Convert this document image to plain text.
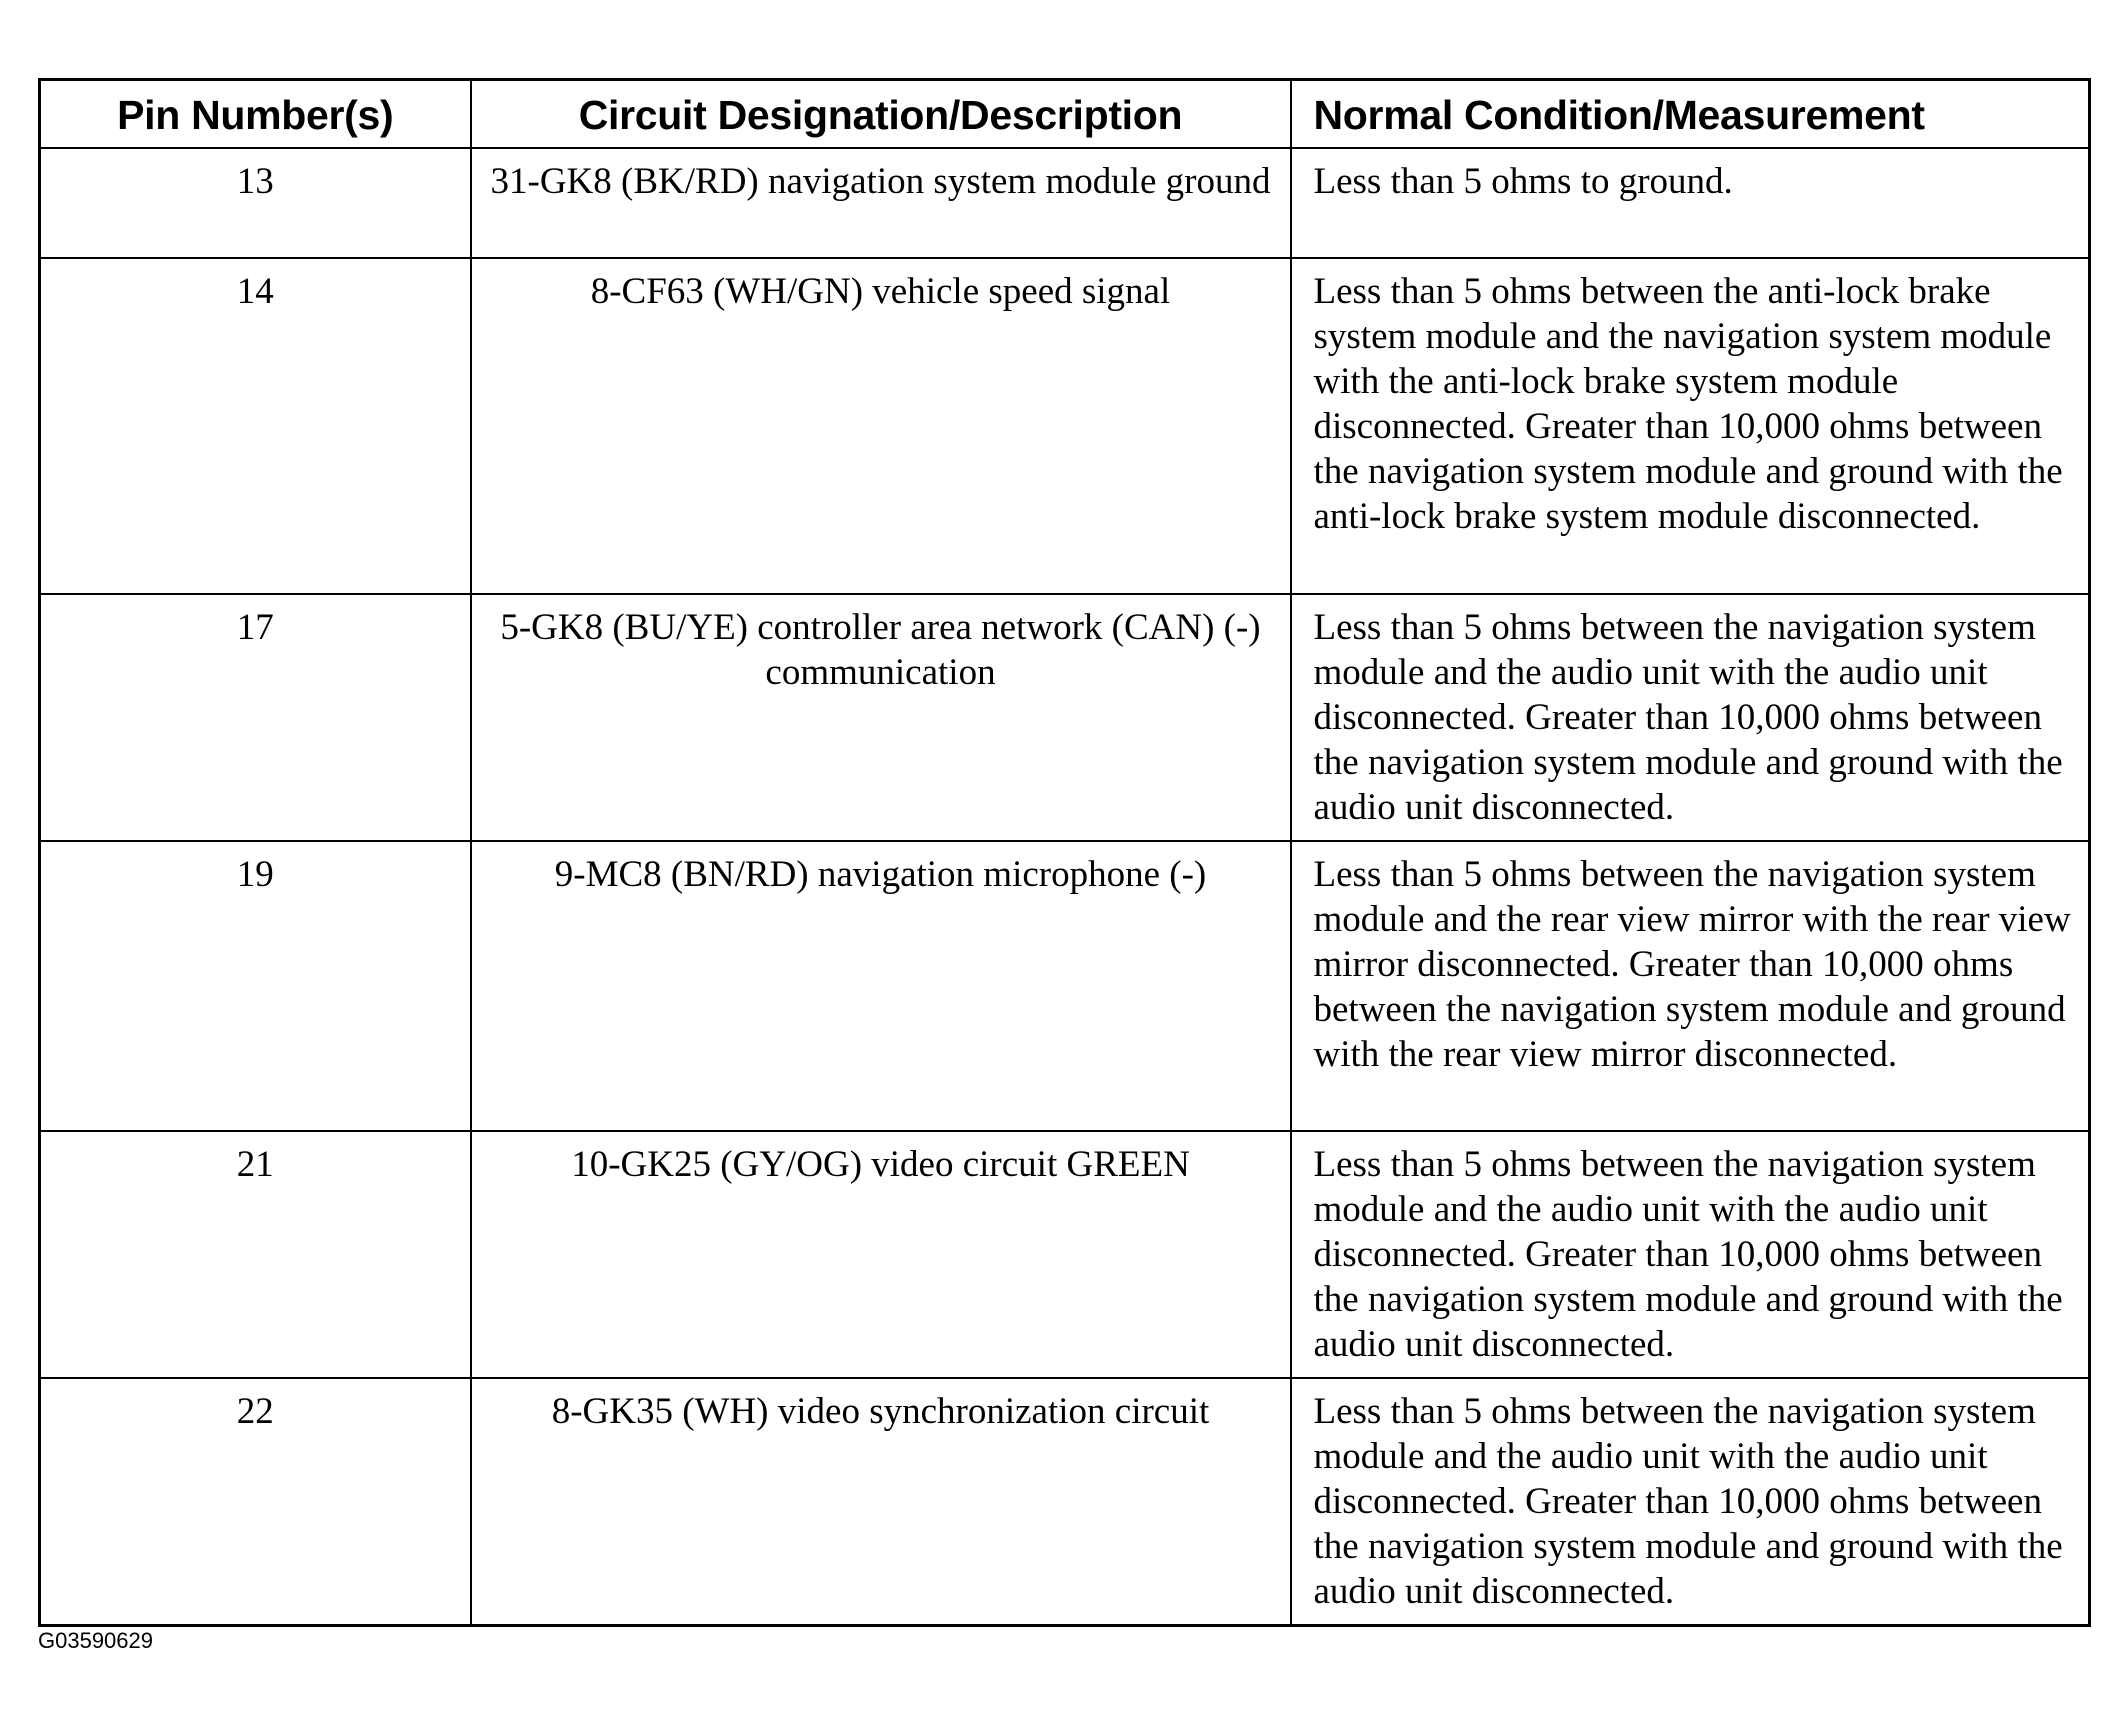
Pin Number(s)	Circuit Designation/Description	Normal Condition/Measurement
13	31-GK8 (BK/RD) navigation system module ground	Less than 5 ohms to ground.
14	8-CF63 (WH/GN) vehicle speed signal	Less than 5 ohms between the anti-lock brake system module and the navigation system module with the anti-lock brake system module disconnected. Greater than 10,000 ohms between the navigation system module and ground with the anti-lock brake system module disconnected.
17	5-GK8 (BU/YE) controller area network (CAN) (-) communication	Less than 5 ohms between the navigation system module and the audio unit with the audio unit disconnected. Greater than 10,000 ohms between the navigation system module and ground with the audio unit disconnected.
19	9-MC8 (BN/RD) navigation microphone (-)	Less than 5 ohms between the navigation system module and the rear view mirror with the rear view mirror disconnected. Greater than 10,000 ohms between the navigation system module and ground with the rear view mirror disconnected.
21	10-GK25 (GY/OG) video circuit GREEN	Less than 5 ohms between the navigation system module and the audio unit with the audio unit disconnected. Greater than 10,000 ohms between the navigation system module and ground with the audio unit disconnected.
22	8-GK35 (WH) video synchronization circuit	Less than 5 ohms between the navigation system module and the audio unit with the audio unit disconnected. Greater than 10,000 ohms between the navigation system module and ground with the audio unit disconnected.
G03590629
